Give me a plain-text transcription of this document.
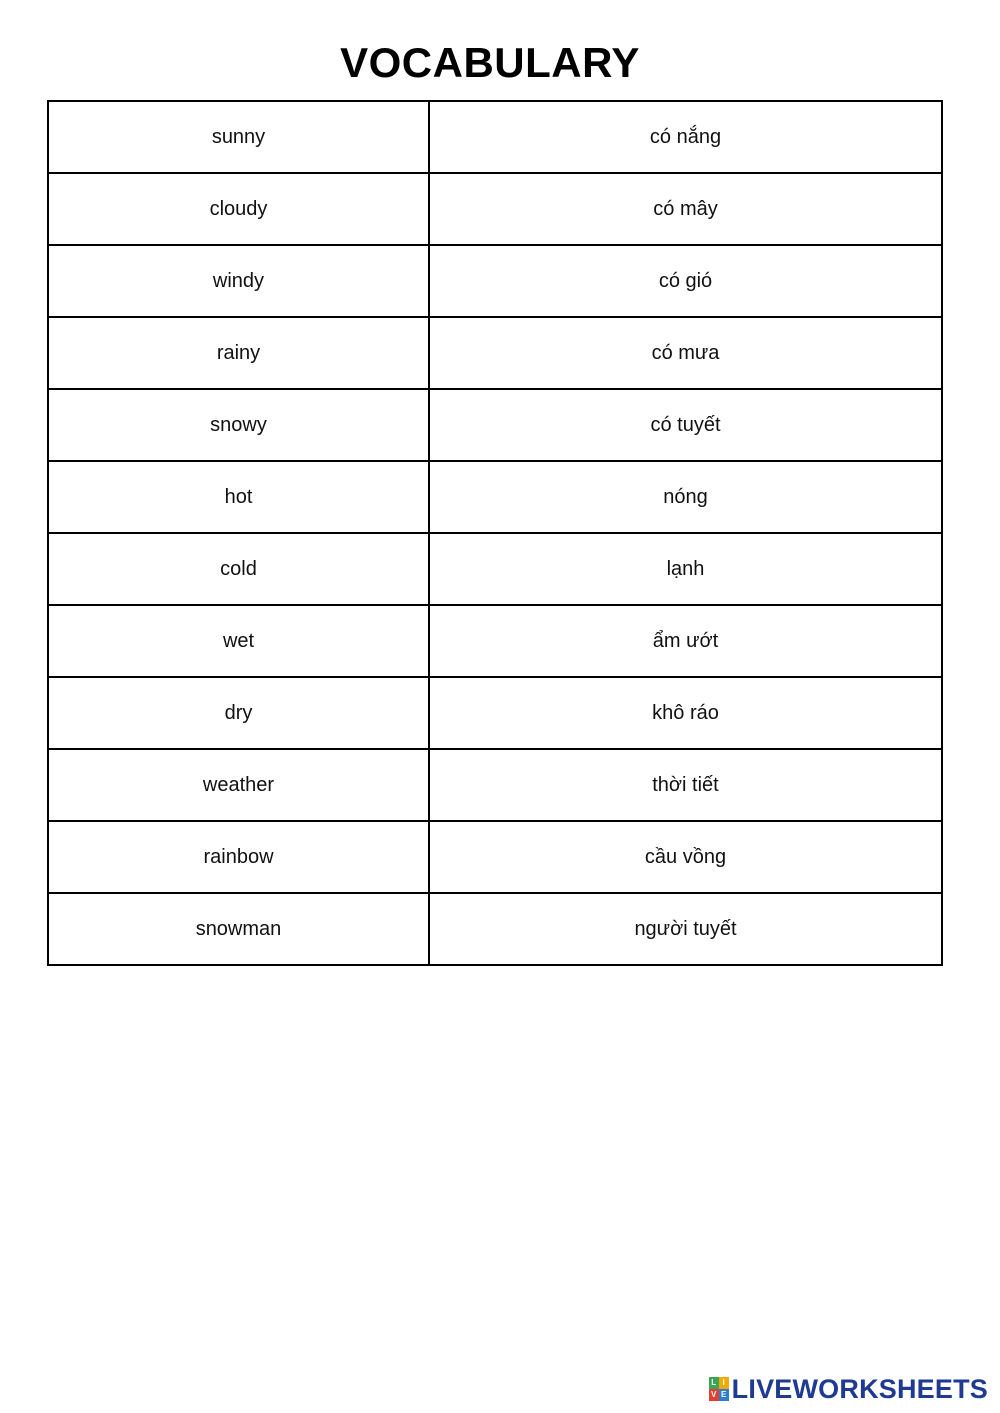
VOCABULARY
sunny	có nắng
cloudy	có mây
windy	có gió
rainy	có mưa
snowy	có tuyết
hot	nóng
cold	lạnh
wet	ẩm ướt
dry	khô ráo
weather	thời tiết
rainbow	cầu vồng
snowman	người tuyết
L I
V E LIVEWORKSHEETS
